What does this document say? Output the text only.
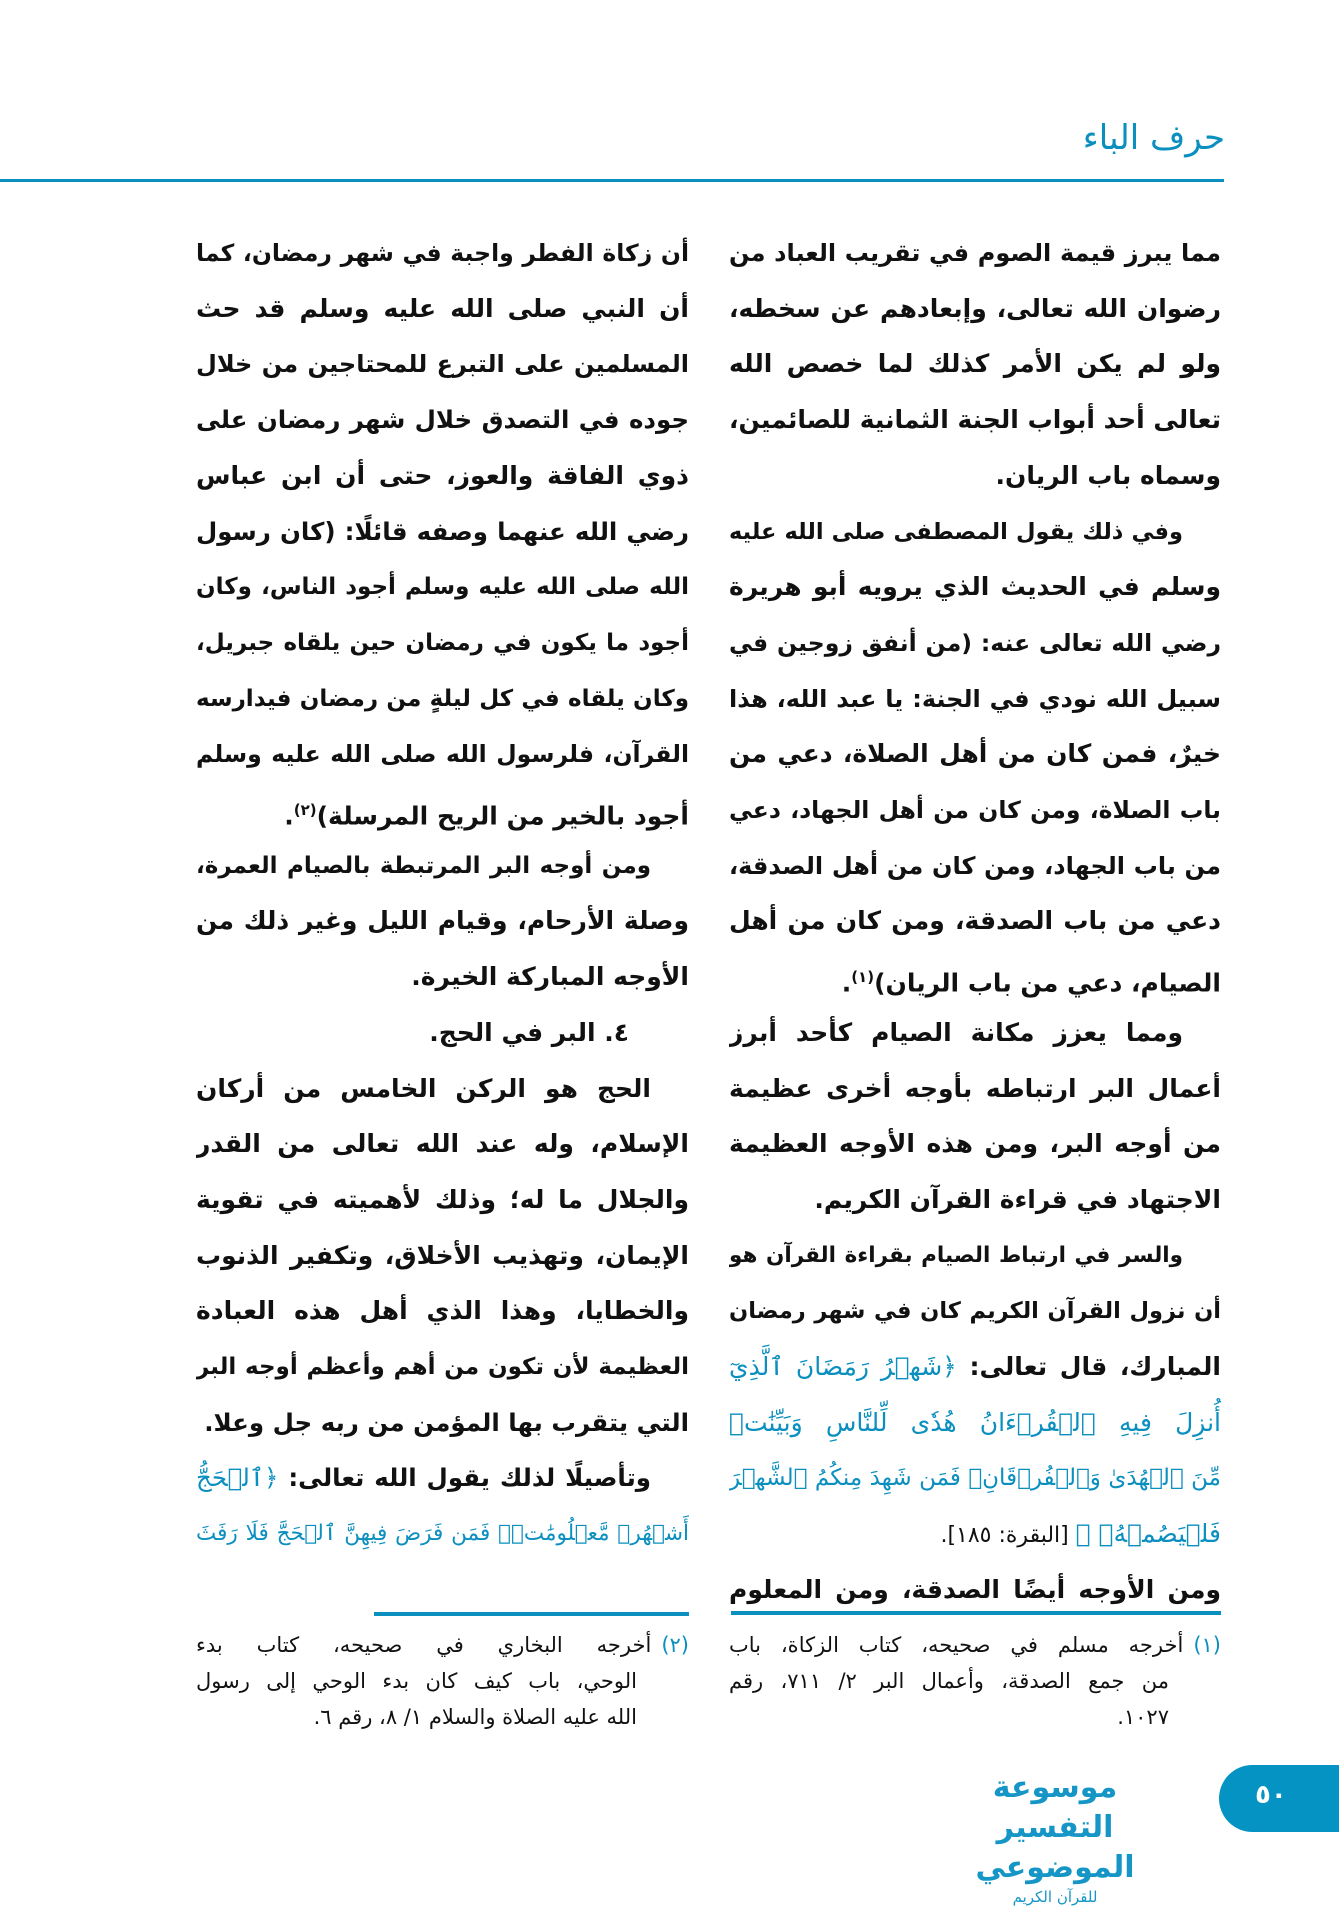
حرف الباء
مما يبرز قيمة الصوم في تقريب العباد من
رضوان الله تعالى، وإبعادهم عن سخطه،
ولو لم يكن الأمر كذلك لما خصص الله
تعالى أحد أبواب الجنة الثمانية للصائمين،
وسماه باب الريان.
وفي ذلك يقول المصطفى صلى الله عليه
وسلم في الحديث الذي يرويه أبو هريرة
رضي الله تعالى عنه: (من أنفق زوجين في
سبيل الله نودي في الجنة: يا عبد الله، هذا
خيرٌ، فمن كان من أهل الصلاة، دعي من
باب الصلاة، ومن كان من أهل الجهاد، دعي
من باب الجهاد، ومن كان من أهل الصدقة،
دعي من باب الصدقة، ومن كان من أهل
الصيام، دعي من باب الريان)$^{(١)}$.
ومما يعزز مكانة الصيام كأحد أبرز
أعمال البر ارتباطه بأوجه أخرى عظيمة
من أوجه البر، ومن هذه الأوجه العظيمة
الاجتهاد في قراءة القرآن الكريم.
والسر في ارتباط الصيام بقراءة القرآن هو
أن نزول القرآن الكريم كان في شهر رمضان
المبارك، قال تعالى: ﴿شَهۡرُ رَمَضَانَ ٱلَّذِيٓ
أُنزِلَ فِيهِ ٱلۡقُرۡءَانُ هُدٗى لِّلنَّاسِ وَبَيِّنَٰتٖ
مِّنَ ٱلۡهُدَىٰ وَٱلۡفُرۡقَانِۚ فَمَن شَهِدَ مِنكُمُ ٱلشَّهۡرَ
فَلۡيَصُمۡهُۖ ﴾ [البقرة: ١٨٥].
ومن الأوجه أيضًا الصدقة، ومن المعلوم
أن زكاة الفطر واجبة في شهر رمضان، كما
أن النبي صلى الله عليه وسلم قد حث
المسلمين على التبرع للمحتاجين من خلال
جوده في التصدق خلال شهر رمضان على
ذوي الفاقة والعوز، حتى أن ابن عباس
رضي الله عنهما وصفه قائلًا: (كان رسول
الله صلى الله عليه وسلم أجود الناس، وكان
أجود ما يكون في رمضان حين يلقاه جبريل،
وكان يلقاه في كل ليلةٍ من رمضان فيدارسه
القرآن، فلرسول الله صلى الله عليه وسلم
أجود بالخير من الريح المرسلة)$^{(٢)}$.
ومن أوجه البر المرتبطة بالصيام العمرة،
وصلة الأرحام، وقيام الليل وغير ذلك من
الأوجه المباركة الخيرة.
٤. البر في الحج.
الحج هو الركن الخامس من أركان
الإسلام، وله عند الله تعالى من القدر
والجلال ما له؛ وذلك لأهميته في تقوية
الإيمان، وتهذيب الأخلاق، وتكفير الذنوب
والخطايا، وهذا الذي أهل هذه العبادة
العظيمة لأن تكون من أهم وأعظم أوجه البر
التي يتقرب بها المؤمن من ربه جل وعلا.
وتأصيلًا لذلك يقول الله تعالى: ﴿ٱلۡحَجُّ
أَشۡهُرٞ مَّعۡلُومَٰتٞۚ فَمَن فَرَضَ فِيهِنَّ ٱلۡحَجَّ فَلَا رَفَثَ
(١)أخرجه مسلم في صحيحه، كتاب الزكاة، باب
من جمع الصدقة، وأعمال البر ٢/ ٧١١، رقم
١٠٢٧.
(٢)أخرجه البخاري في صحيحه، كتاب بدء
الوحي، باب كيف كان بدء الوحي إلى رسول
الله عليه الصلاة والسلام ١/ ٨، رقم ٦.
٥٠
موسوعة التفسير الموضوعي
للقرآن الكريم
